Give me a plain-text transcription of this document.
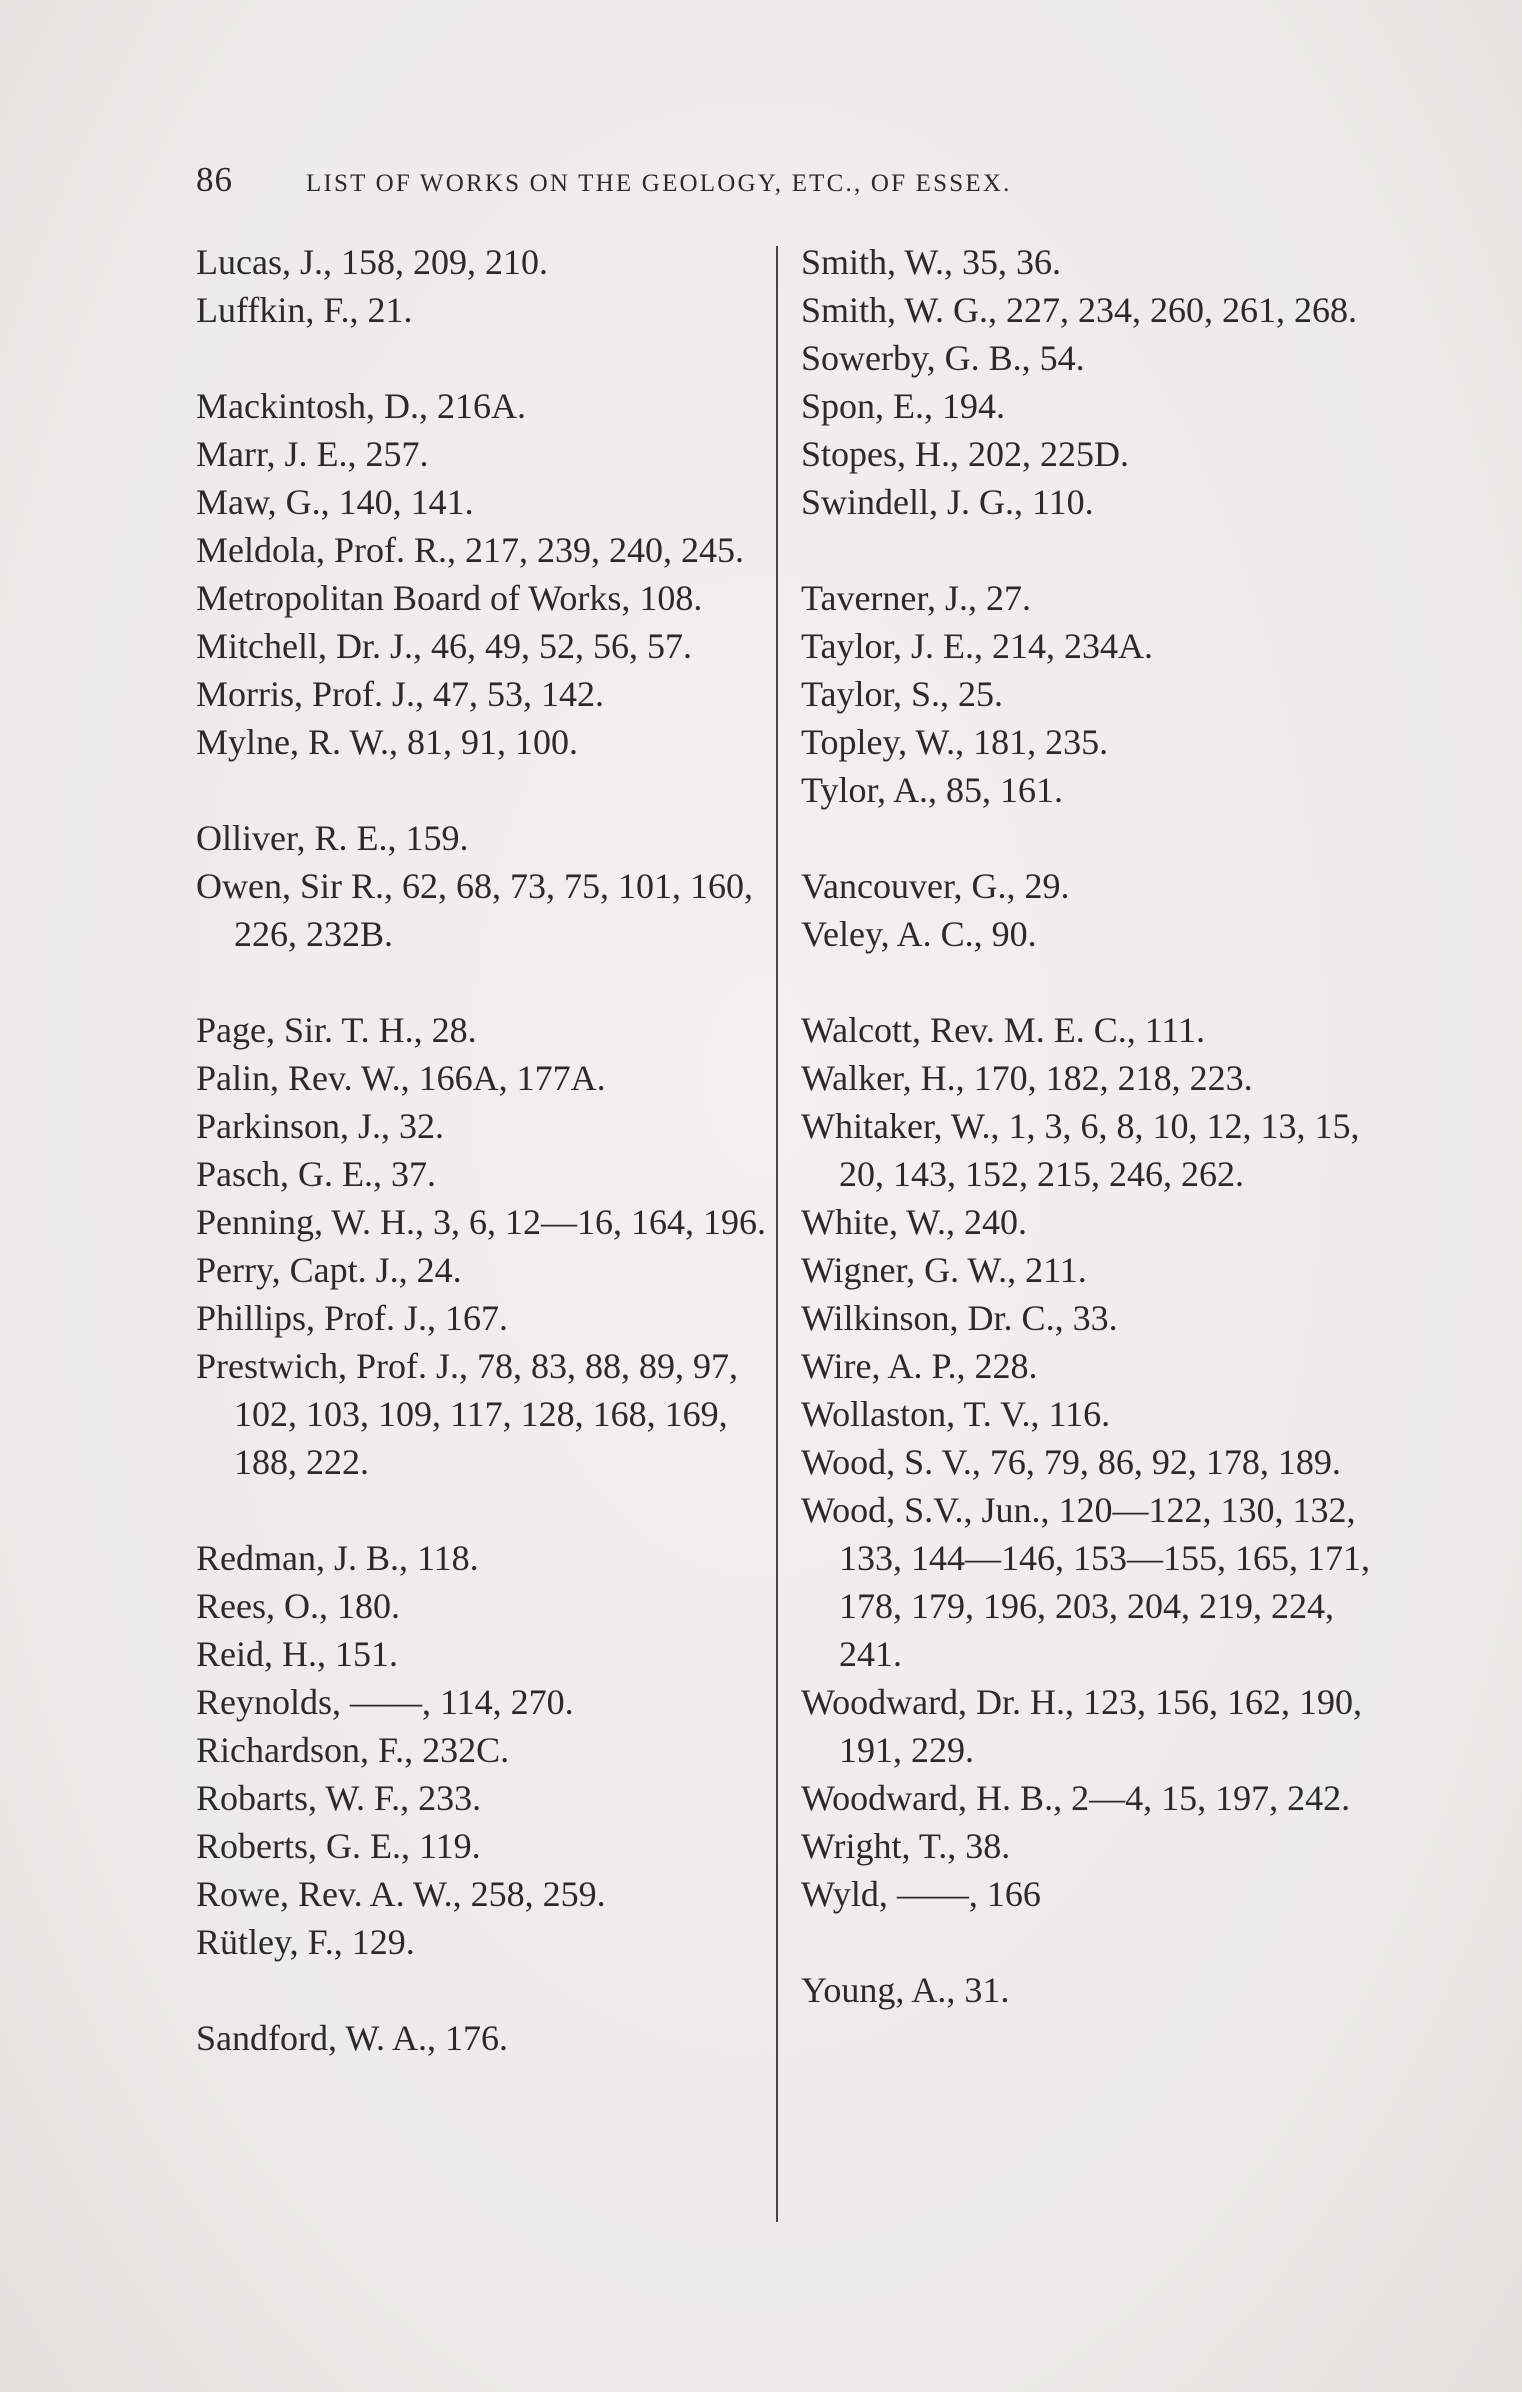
86	LIST OF WORKS ON THE GEOLOGY, ETC., OF ESSEX.

Lucas, J., 158, 209, 210.

Luffkin, F., 21.

Mackintosh, D., 216A.

Marr, J. E., 257.

Maw, G., 140, 141.

Meldola, Prof. R., 217, 239, 240, 245.

Metropolitan Board of Works, 108.

Mitchell, Dr. J., 46, 49, 52, 56, 57.

Morris, Prof. J., 47, 53, 142.

Mylne, R. W., 81, 91, 100.

Olliver, R. E., 159.

Owen, Sir R., 62, 68, 73, 75, 101, 160, 226, 232B.

Page, Sir. T. H., 28.

Palin, Rev. W., 166A, 177A.

Parkinson, J., 32.

Pasch, G. E., 37.

Penning, W. H., 3, 6, 12—16, 164, 196.

Perry, Capt. J., 24.

Phillips, Prof. J., 167.

Prestwich, Prof. J., 78, 83, 88, 89, 97, 102, 103, 109, 117, 128, 168, 169, 188, 222.

Redman, J. B., 118.

Rees, O., 180.

Reid, H., 151.

Reynolds, ——, 114, 270.

Richardson, F., 232C.

Robarts, W. F., 233.

Roberts, G. E., 119.

Rowe, Rev. A. W., 258, 259.

Rütley, F., 129.

Sandford, W. A., 176.

Smith, W., 35, 36.

Smith, W. G., 227, 234, 260, 261, 268.

Sowerby, G. B., 54.

Spon, E., 194.

Stopes, H., 202, 225D.

Swindell, J. G., 110.

Taverner, J., 27.

Taylor, J. E., 214, 234A.

Taylor, S., 25.

Topley, W., 181, 235.

Tylor, A., 85, 161.

Vancouver, G., 29.

Veley, A. C., 90.

Walcott, Rev. M. E. C., 111.

Walker, H., 170, 182, 218, 223.

Whitaker, W., 1, 3, 6, 8, 10, 12, 13, 15, 20, 143, 152, 215, 246, 262.

White, W., 240.

Wigner, G. W., 211.

Wilkinson, Dr. C., 33.

Wire, A. P., 228.

Wollaston, T. V., 116.

Wood, S. V., 76, 79, 86, 92, 178, 189.

Wood, S.V., Jun., 120—122, 130, 132, 133, 144—146, 153—155, 165, 171, 178, 179, 196, 203, 204, 219, 224, 241.

Woodward, Dr. H., 123, 156, 162, 190, 191, 229.

Woodward, H. B., 2—4, 15, 197, 242.

Wright, T., 38.

Wyld, ——, 166

Young, A., 31.
